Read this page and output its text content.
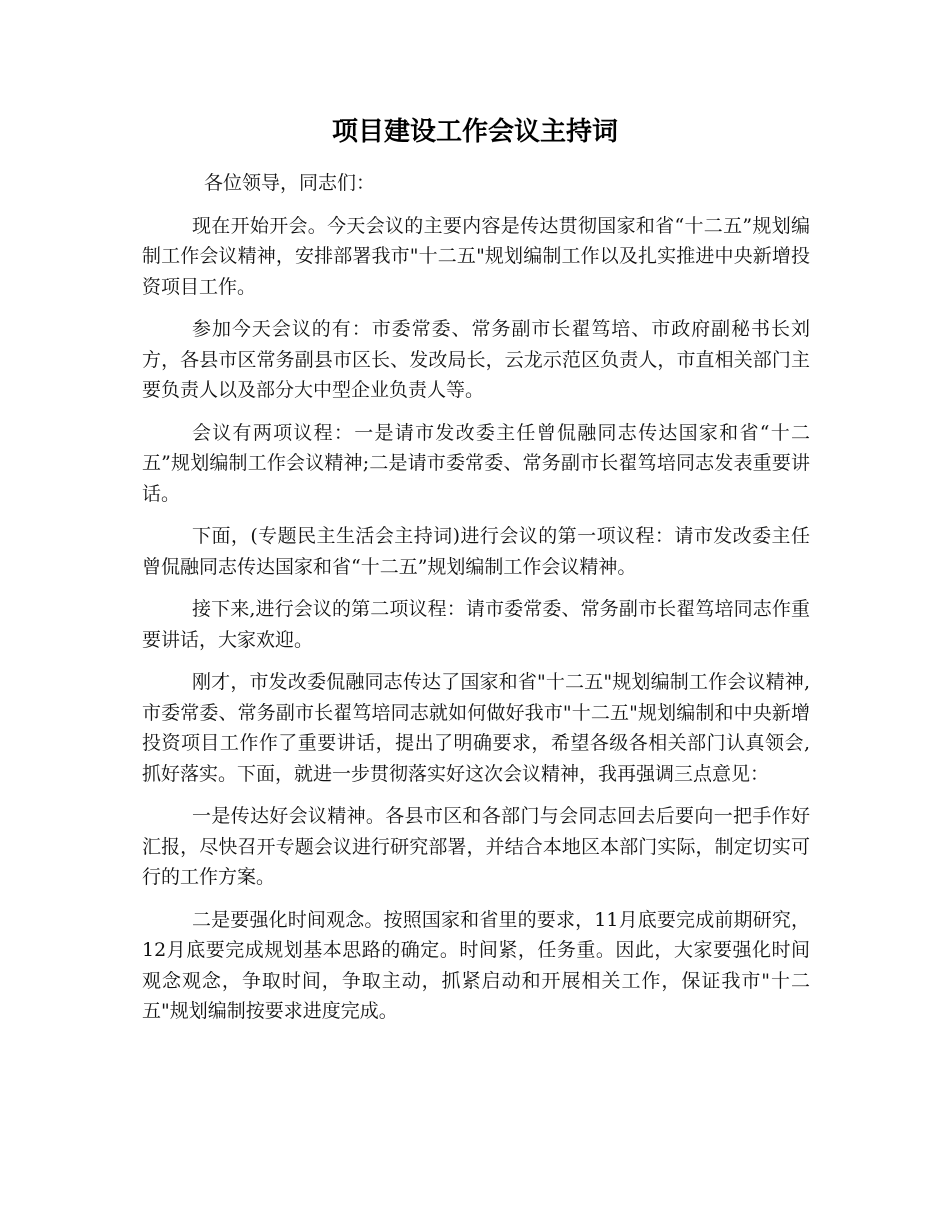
项目建设工作会议主持词

各位领导，同志们：

现在开始开会。今天会议的主要内容是传达贯彻国家和省“十二五”规划编制工作会议精神，安排部署我市"十二五"规划编制工作以及扎实推进中央新增投资项目工作。

参加今天会议的有：市委常委、常务副市长翟笃培、市政府副秘书长刘方，各县市区常务副县市区长、发改局长，云龙示范区负责人，市直相关部门主要负责人以及部分大中型企业负责人等。

会议有两项议程：一是请市发改委主任曾侃融同志传达国家和省“十二五”规划编制工作会议精神;二是请市委常委、常务副市长翟笃培同志发表重要讲话。

下面，(专题民主生活会主持词)进行会议的第一项议程：请市发改委主任曾侃融同志传达国家和省“十二五”规划编制工作会议精神。

接下来,进行会议的第二项议程：请市委常委、常务副市长翟笃培同志作重要讲话，大家欢迎。

刚才，市发改委侃融同志传达了国家和省"十二五"规划编制工作会议精神,市委常委、常务副市长翟笃培同志就如何做好我市"十二五"规划编制和中央新增投资项目工作作了重要讲话，提出了明确要求，希望各级各相关部门认真领会,抓好落实。下面，就进一步贯彻落实好这次会议精神，我再强调三点意见：

一是传达好会议精神。各县市区和各部门与会同志回去后要向一把手作好汇报，尽快召开专题会议进行研究部署，并结合本地区本部门实际，制定切实可行的工作方案。

二是要强化时间观念。按照国家和省里的要求，11月底要完成前期研究，12月底要完成规划基本思路的确定。时间紧，任务重。因此，大家要强化时间观念观念，争取时间，争取主动，抓紧启动和开展相关工作，保证我市"十二五"规划编制按要求进度完成。
